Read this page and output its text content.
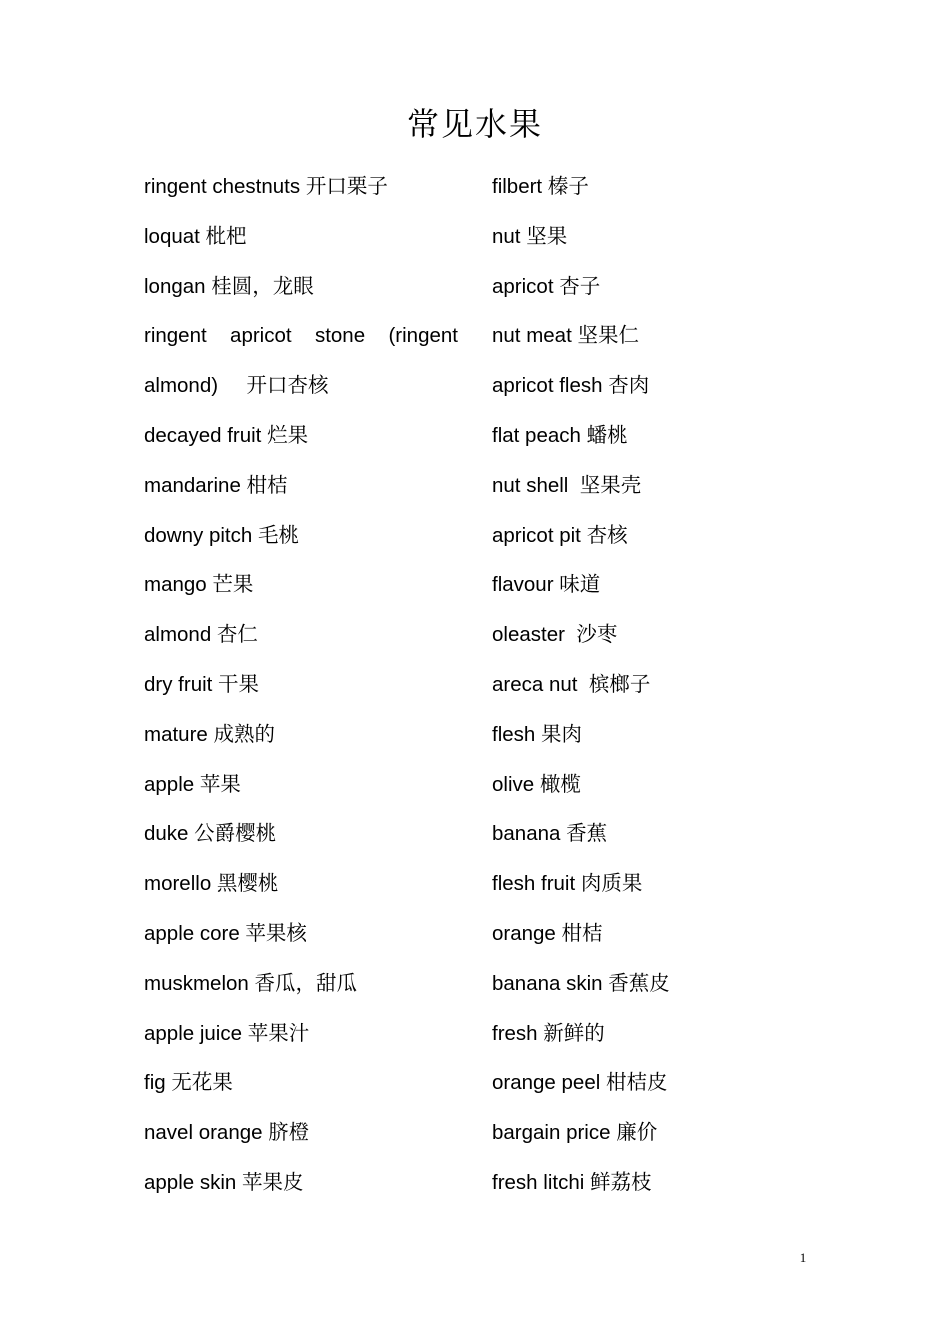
常见水果
ringent chestnuts 开口栗子
loquat 枇杷
longan 桂圆，龙眼
ringent apricot stone (ringent
almond)     开口杏核
decayed fruit 烂果
mandarine 柑桔
downy pitch 毛桃
mango 芒果
almond 杏仁
dry fruit 干果
mature 成熟的
apple 苹果
duke 公爵樱桃
morello 黑樱桃
apple core 苹果核
muskmelon 香瓜，甜瓜
apple juice 苹果汁
fig 无花果
navel orange 脐橙
apple skin 苹果皮
filbert 榛子
nut 坚果
apricot 杏子
nut meat 坚果仁
apricot flesh 杏肉
flat peach 蟠桃
nut shell  坚果壳
apricot pit 杏核
flavour 味道
oleaster  沙枣
areca nut  槟榔子
flesh 果肉
olive 橄榄
banana 香蕉
flesh fruit 肉质果
orange 柑桔
banana skin 香蕉皮
fresh 新鲜的
orange peel 柑桔皮
bargain price 廉价
fresh litchi 鲜荔枝
1
